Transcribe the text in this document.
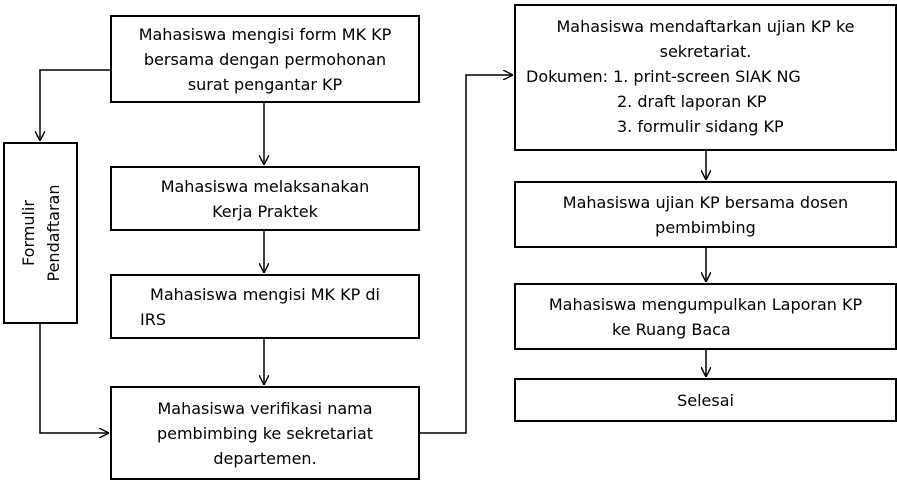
Formulir Pendaftaran
Mahasiswa mengisi form MK KP
bersama dengan permohonan
surat pengantar KP
Mahasiswa melaksanakan
Kerja Praktek
Mahasiswa mengisi MK KP di
IRS
Mahasiswa verifikasi nama
pembimbing ke sekretariat
departemen.
Mahasiswa mendaftarkan ujian KP ke
sekretariat.
Dokumen: 1. print-screen SIAK NG
2. draft laporan KP
3. formulir sidang KP
Mahasiswa ujian KP bersama dosen
pembimbing
Mahasiswa mengumpulkan Laporan KP
ke Ruang Baca
Selesai
